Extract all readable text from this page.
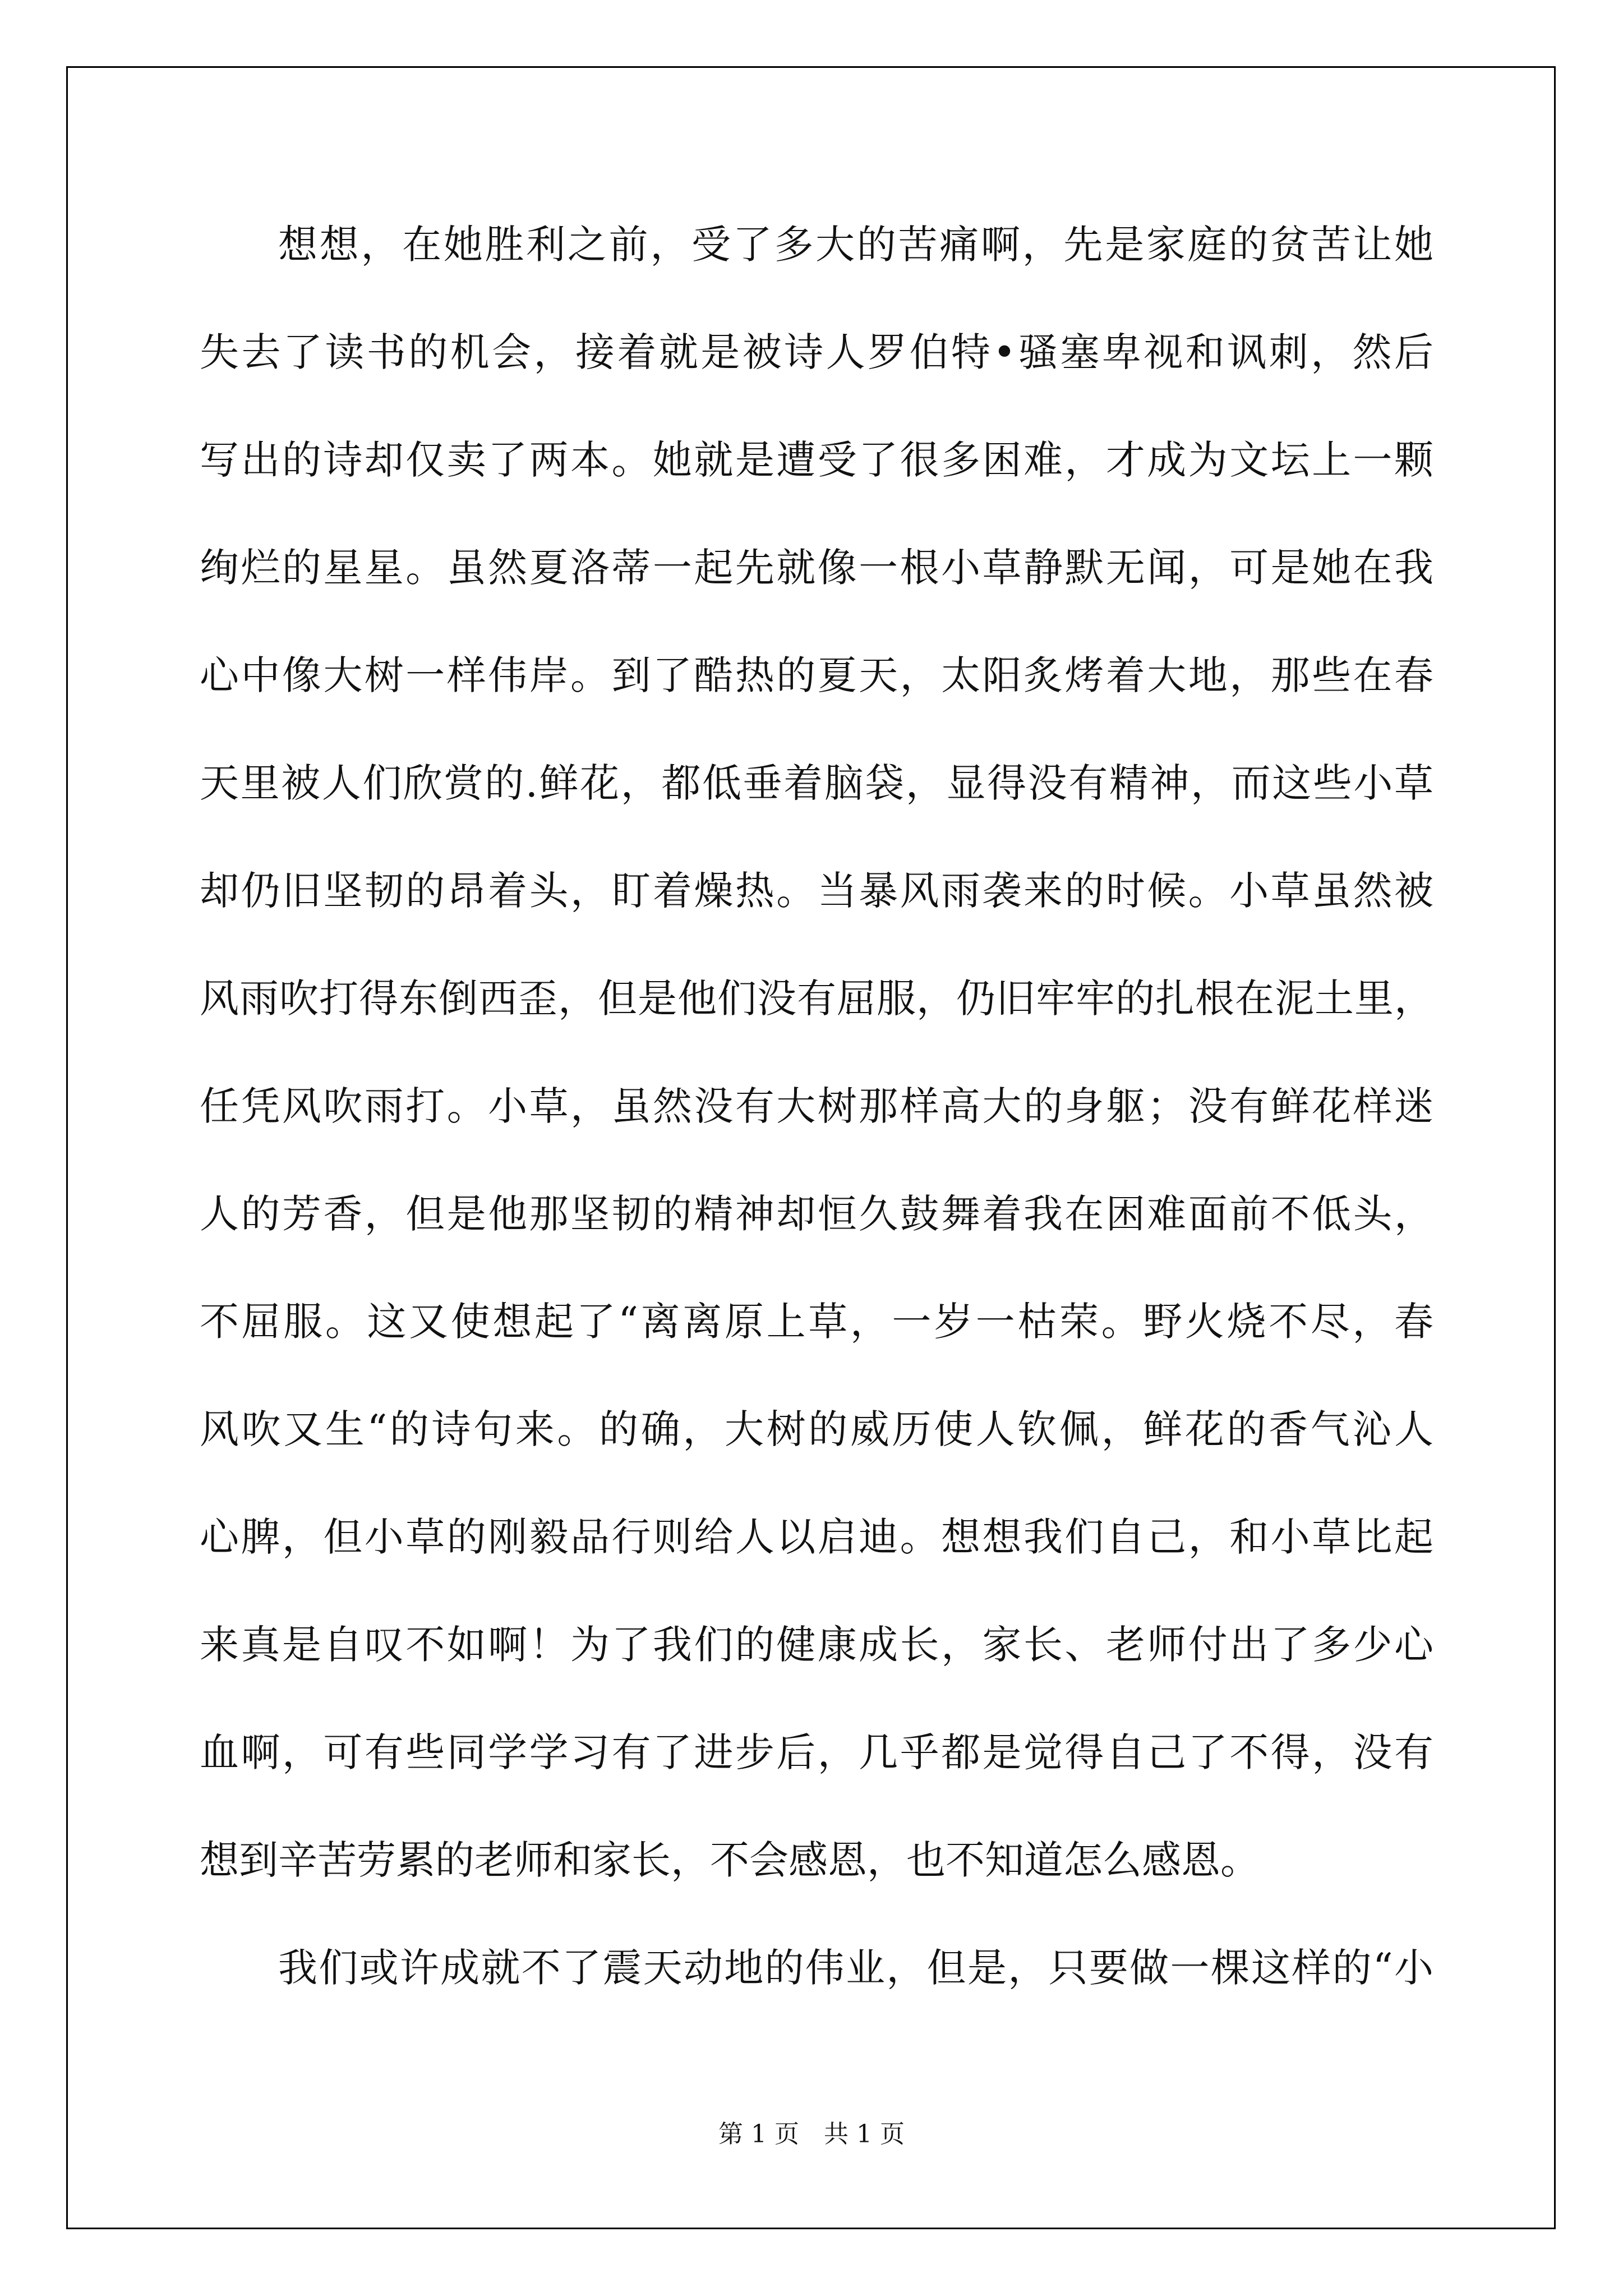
想想，在她胜利之前，受了多大的苦痛啊，先是家庭的贫苦让她
失去了读书的机会，接着就是被诗人罗伯特•骚塞卑视和讽刺，然后
写出的诗却仅卖了两本。她就是遭受了很多困难，才成为文坛上一颗
绚烂的星星。虽然夏洛蒂一起先就像一根小草静默无闻，可是她在我
心中像大树一样伟岸。到了酷热的夏天，太阳炙烤着大地，那些在春
天里被人们欣赏的.鲜花，都低垂着脑袋，显得没有精神，而这些小草
却仍旧坚韧的昂着头，盯着燥热。当暴风雨袭来的时候。小草虽然被
风雨吹打得东倒西歪，但是他们没有屈服，仍旧牢牢的扎根在泥土里，
任凭风吹雨打。小草，虽然没有大树那样高大的身躯；没有鲜花样迷
人的芳香，但是他那坚韧的精神却恒久鼓舞着我在困难面前不低头，
不屈服。这又使想起了“离离原上草，一岁一枯荣。野火烧不尽，春
风吹又生“的诗句来。的确，大树的威历使人钦佩，鲜花的香气沁人
心脾，但小草的刚毅品行则给人以启迪。想想我们自己，和小草比起
来真是自叹不如啊！为了我们的健康成长，家长、老师付出了多少心
血啊，可有些同学学习有了进步后，几乎都是觉得自己了不得，没有
想到辛苦劳累的老师和家长，不会感恩，也不知道怎么感恩。
我们或许成就不了震天动地的伟业，但是，只要做一棵这样的“小
第 1 页　共 1 页
